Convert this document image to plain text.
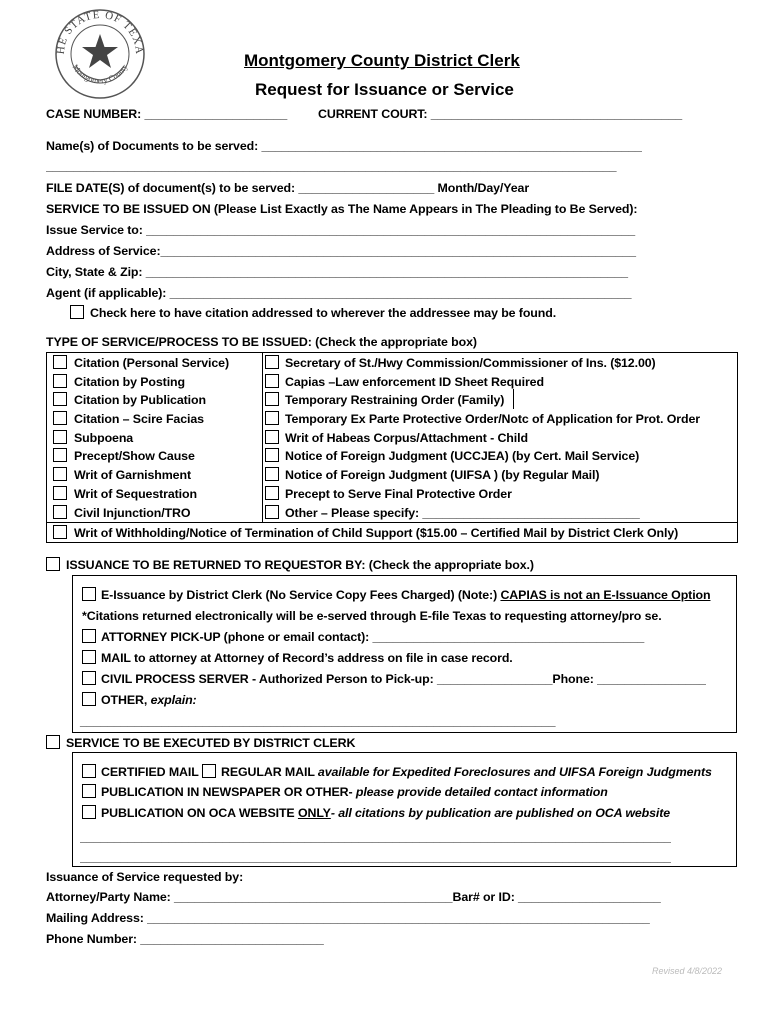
HE STATE OF TEXA
Montgomery County	Montgomery County District Clerk
Request for Issuance or Service
CASE NUMBER: _____________________ CURRENT COURT: _____________________________________
Name(s) of Documents to be served: ________________________________________________________
____________________________________________________________________________________
FILE DATE(S) of document(s) to be served: ____________________ Month/Day/Year
SERVICE TO BE ISSUED ON (Please List Exactly as The Name Appears in The Pleading to Be Served):
Issue Service to: ________________________________________________________________________
Address of Service:______________________________________________________________________
City, State & Zip: _______________________________________________________________________
Agent (if applicable): ____________________________________________________________________
Check here to have citation addressed to wherever the addressee may be found.
TYPE OF SERVICE/PROCESS TO BE ISSUED: (Check the appropriate box)
Citation (Personal Service)
Citation by Posting
Citation by Publication
Citation – Scire Facias
Subpoena
Precept/Show Cause
Writ of Garnishment
Writ of Sequestration
Civil Injunction/TRO
Secretary of St./Hwy Commission/Commissioner of Ins. ($12.00)
Capias –Law enforcement ID Sheet Required
Temporary Restraining Order (Family)
Temporary Ex Parte Protective Order/Notc of Application for Prot. Order
Writ of Habeas Corpus/Attachment - Child
Notice of Foreign Judgment (UCCJEA) (by Cert. Mail Service)
Notice of Foreign Judgment (UIFSA ) (by Regular Mail)
Precept to Serve Final Protective Order
Other – Please specify: ________________________________
Writ of Withholding/Notice of Termination of Child Support ($15.00 – Certified Mail by District Clerk Only)
ISSUANCE TO BE RETURNED TO REQUESTOR BY: (Check the appropriate box.)
E-Issuance by District Clerk (No Service Copy Fees Charged) (Note:) CAPIAS is not an E-Issuance Option
*Citations returned electronically will be e-served through E-file Texas to requesting attorney/pro se.
ATTORNEY PICK-UP (phone or email contact): ________________________________________
MAIL to attorney at Attorney of Record’s address on file in case record.
CIVIL PROCESS SERVER - Authorized Person to Pick-up: _________________Phone: ________________
OTHER, explain:
______________________________________________________________________
SERVICE TO BE EXECUTED BY DISTRICT CLERK
CERTIFIED MAIL REGULAR MAIL available for Expedited Foreclosures and UIFSA Foreign Judgments
PUBLICATION IN NEWSPAPER OR OTHER- please provide detailed contact information
PUBLICATION ON OCA WEBSITE ONLY- all citations by publication are published on OCA website
_______________________________________________________________________________________
_______________________________________________________________________________________
Issuance of Service requested by:
Attorney/Party Name: _________________________________________Bar# or ID: _____________________
Mailing Address: __________________________________________________________________________
Phone Number: ___________________________
Revised 4/8/2022
